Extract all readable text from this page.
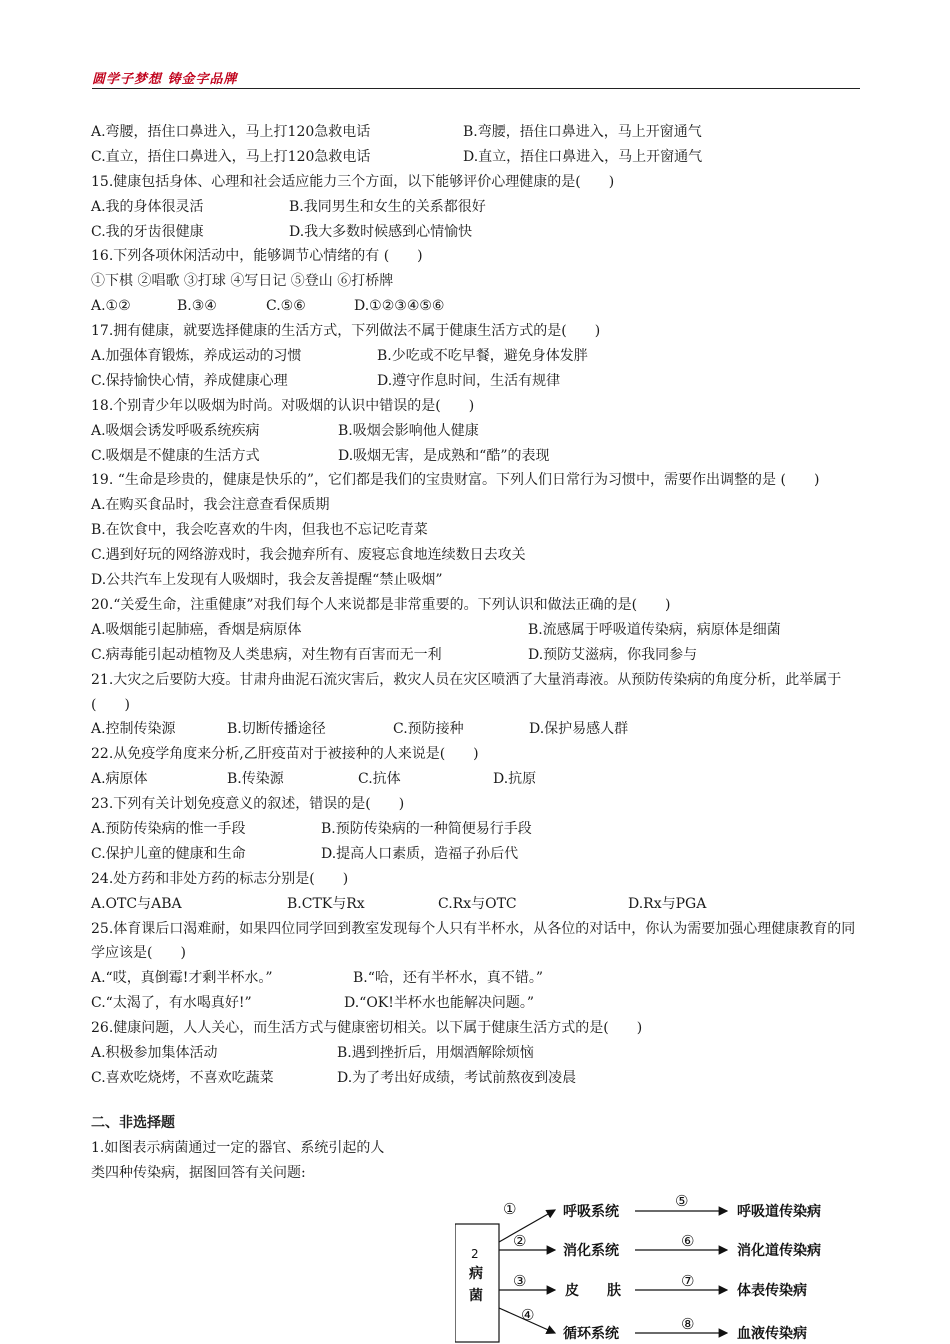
圆学子梦想 铸金字品牌
A.弯腰，捂住口鼻进入，马上打120急救电话	B.弯腰，捂住口鼻进入，马上开窗通气
C.直立，捂住口鼻进入，马上打120急救电话	D.直立，捂住口鼻进入，马上开窗通气
15.健康包括身体、心理和社会适应能力三个方面，以下能够评价心理健康的是(　　)
A.我的身体很灵活	B.我同男生和女生的关系都很好
C.我的牙齿很健康	D.我大多数时候感到心情愉快
16.下列各项休闲活动中，能够调节心情绪的有 (　　)
①下棋 ②唱歌 ③打球 ④写日记 ⑤登山 ⑥打桥牌
A.①②	B.③④	C.⑤⑥	D.①②③④⑤⑥
17.拥有健康，就要选择健康的生活方式，下列做法不属于健康生活方式的是(　　)
A.加强体育锻炼，养成运动的习惯	B.少吃或不吃早餐，避免身体发胖
C.保持愉快心情，养成健康心理	D.遵守作息时间，生活有规律
18.个别青少年以吸烟为时尚。对吸烟的认识中错误的是(　　)
A.吸烟会诱发呼吸系统疾病	B.吸烟会影响他人健康
C.吸烟是不健康的生活方式	D.吸烟无害，是成熟和“酷”的表现
19. “生命是珍贵的，健康是快乐的”，它们都是我们的宝贵财富。下列人们日常行为习惯中，需要作出调整的是 (　　)
A.在购买食品时，我会注意查看保质期
B.在饮食中，我会吃喜欢的牛肉，但我也不忘记吃青菜
C.遇到好玩的网络游戏时，我会抛弃所有、废寝忘食地连续数日去攻关
D.公共汽车上发现有人吸烟时，我会友善提醒“禁止吸烟”
20.“关爱生命，注重健康”对我们每个人来说都是非常重要的。下列认识和做法正确的是(　　)
A.吸烟能引起肺癌，香烟是病原体	B.流感属于呼吸道传染病，病原体是细菌
C.病毒能引起动植物及人类患病，对生物有百害而无一利	D.预防艾滋病，你我同参与
21.大灾之后要防大疫。甘肃舟曲泥石流灾害后，救灾人员在灾区喷洒了大量消毒液。从预防传染病的角度分析，此举属于(　　)
A.控制传染源	B.切断传播途径	C.预防接种	D.保护易感人群
22.从免疫学角度来分析,乙肝疫苗对于被接种的人来说是(　　)
A.病原体	B.传染源	C.抗体	D.抗原
23.下列有关计划免疫意义的叙述，错误的是(　　)
A.预防传染病的惟一手段	B.预防传染病的一种简便易行手段
C.保护儿童的健康和生命	D.提高人口素质，造福子孙后代
24.处方药和非处方药的标志分别是(　　)
A.OTC与ABA	B.CTK与Rx	C.Rx与OTC	D.Rx与PGA
25.体育课后口渴难耐，如果四位同学回到教室发现每个人只有半杯水，从各位的对话中，你认为需要加强心理健康教育的同学应该是(　　)
A.“哎，真倒霉!才剩半杯水。”	B.“哈，还有半杯水，真不错。”
C.“太渴了，有水喝真好!”	D.“OK!半杯水也能解决问题。”
26.健康问题，人人关心，而生活方式与健康密切相关。以下属于健康生活方式的是(　　)
A.积极参加集体活动	B.遇到挫折后，用烟酒解除烦恼
C.喜欢吃烧烤，不喜欢吃蔬菜	D.为了考出好成绩，考试前熬夜到凌晨
二、非选择题
1.如图表示病菌通过一定的器官、系统引起的人
类四种传染病，据图回答有关问题:
2
病
菌
①
②
③
④
呼吸系统
消化系统
皮　　肤
循环系统
⑤
⑥
⑦
⑧
呼吸道传染病
消化道传染病
体表传染病
血液传染病
